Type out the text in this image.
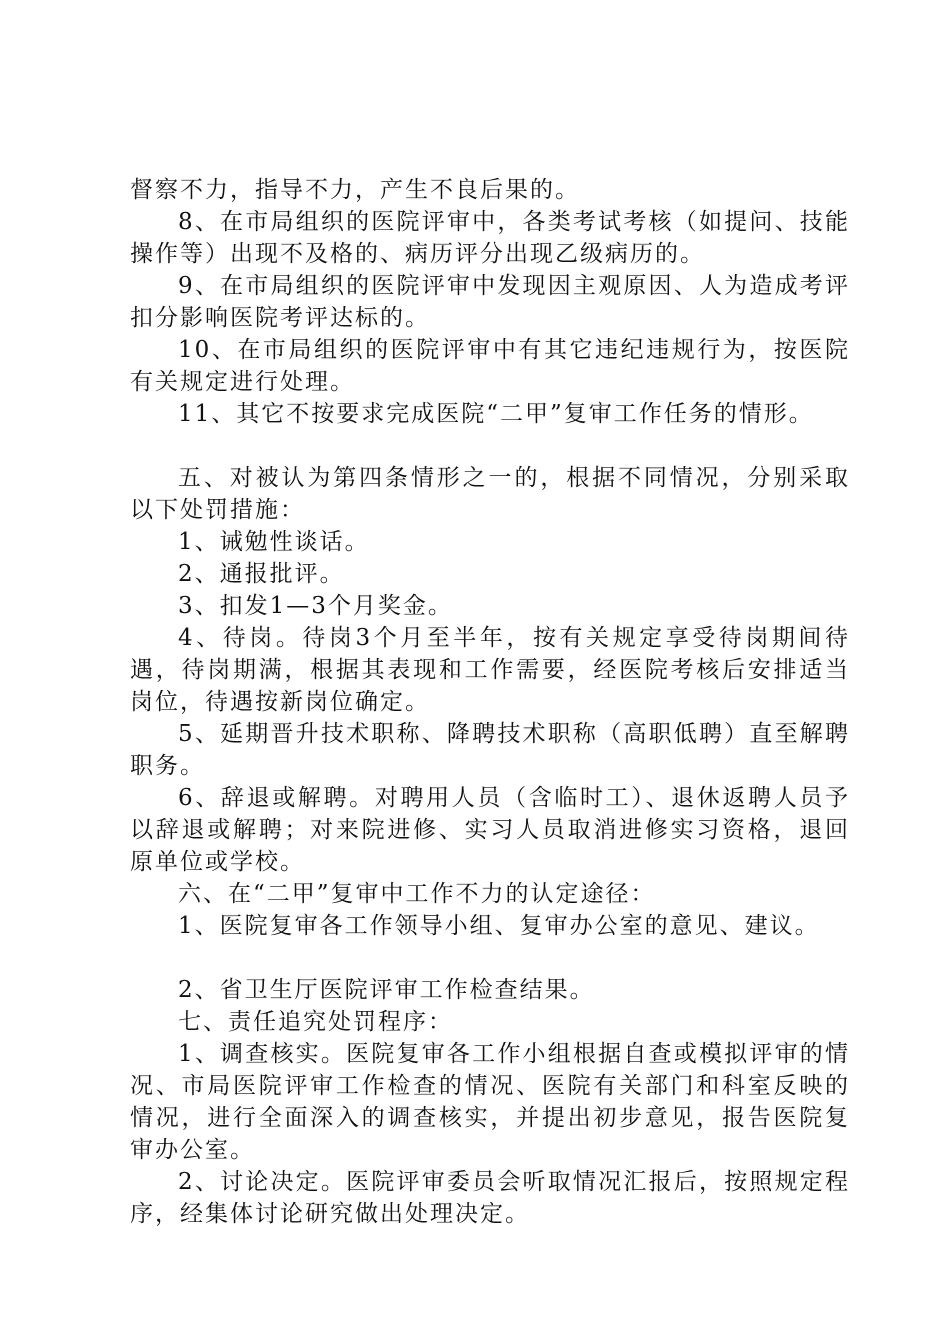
督察不力，指导不力，产生不良后果的。

8、在市局组织的医院评审中，各类考试考核（如提问、技能操作等）出现不及格的、病历评分出现乙级病历的。

9、在市局组织的医院评审中发现因主观原因、人为造成考评扣分影响医院考评达标的。

10、在市局组织的医院评审中有其它违纪违规行为，按医院有关规定进行处理。

11、其它不按要求完成医院“二甲”复审工作任务的情形。

五、对被认为第四条情形之一的，根据不同情况，分别采取以下处罚措施：

1、诫勉性谈话。

2、通报批评。

3、扣发1—3个月奖金。

4、待岗。待岗3个月至半年，按有关规定享受待岗期间待遇，待岗期满，根据其表现和工作需要，经医院考核后安排适当岗位，待遇按新岗位确定。

5、延期晋升技术职称、降聘技术职称（高职低聘）直至解聘职务。

6、辞退或解聘。对聘用人员（含临时工）、退休返聘人员予以辞退或解聘；对来院进修、实习人员取消进修实习资格，退回原单位或学校。

六、在“二甲”复审中工作不力的认定途径：

1、医院复审各工作领导小组、复审办公室的意见、建议。

2、省卫生厅医院评审工作检查结果。

七、责任追究处罚程序：

1、调查核实。医院复审各工作小组根据自查或模拟评审的情况、市局医院评审工作检查的情况、医院有关部门和科室反映的情况，进行全面深入的调查核实，并提出初步意见，报告医院复审办公室。

2、讨论决定。医院评审委员会听取情况汇报后，按照规定程序，经集体讨论研究做出处理决定。
